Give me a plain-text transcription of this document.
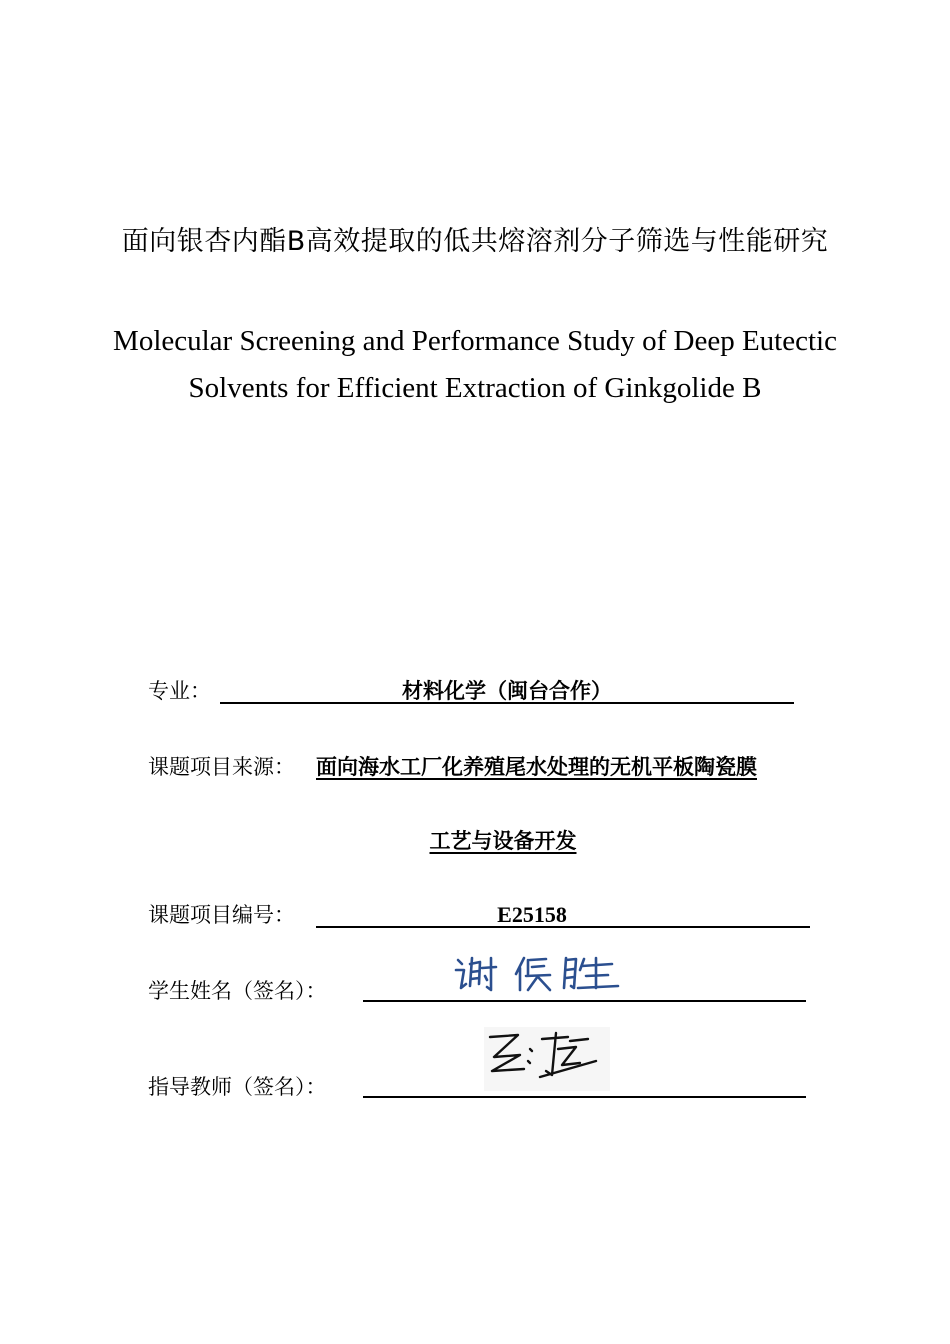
面向银杏内酯B高效提取的低共熔溶剂分子筛选与性能研究
Molecular Screening and Performance Study of Deep Eutectic Solvents for Efficient Extraction of Ginkgolide B
专业：	材料化学（闽台合作）
课题项目来源： 面向海水工厂化养殖尾水处理的无机平板陶瓷膜
工艺与设备开发
课题项目编号：	E25158
学生姓名（签名）：
指导教师（签名）：
